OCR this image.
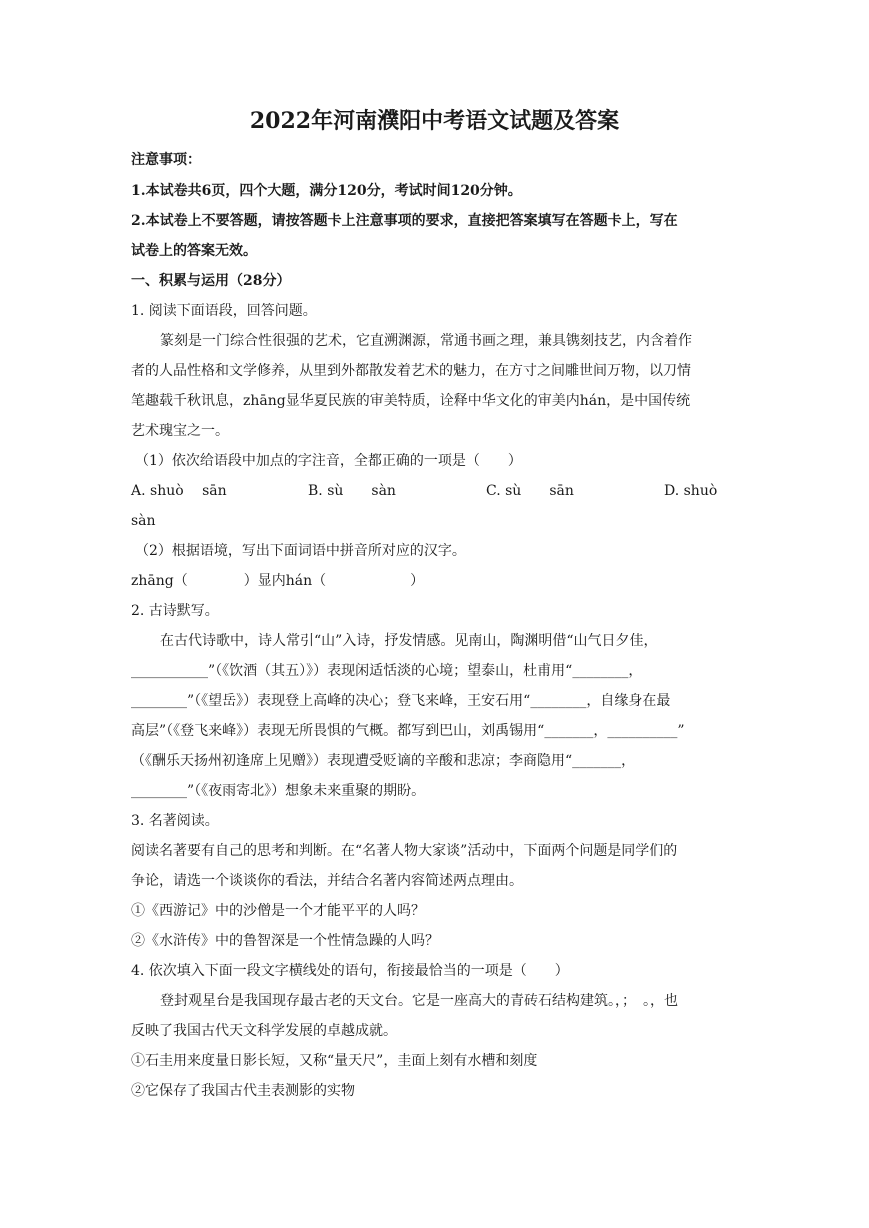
2022年河南濮阳中考语文试题及答案
注意事项：
1.本试卷共6页，四个大题，满分120分，考试时间120分钟。
2.本试卷上不要答题，请按答题卡上注意事项的要求，直接把答案填写在答题卡上，写在
试卷上的答案无效。
一、积累与运用（28分）
1. 阅读下面语段，回答问题。
篆刻是一门综合性很强的艺术，它直溯渊源，常通书画之理，兼具镌刻技艺，内含着作
者的人品性格和文学修养，从里到外都散发着艺术的魅力，在方寸之间雕世间万物，以刀情
笔趣载千秋讯息，zhāng显华夏民族的审美特质，诠释中华文化的审美内hán，是中国传统
艺术瑰宝之一。
（1）依次给语段中加点的字注音，全都正确的一项是（　　）
A. shuò　 sān	B. sù　　sàn	C. sù　　sān	D. shuò
sàn
（2）根据语境，写出下面词语中拼音所对应的汉字。
zhāng（　　　　）显内hán（　　　　　　）
2. 古诗默写。
在古代诗歌中，诗人常引“山”入诗，抒发情感。见南山，陶渊明借“山气日夕佳，
___________”（《饮酒（其五）》）表现闲适恬淡的心境；望泰山，杜甫用“________，
________”（《望岳》）表现登上高峰的决心；登飞来峰，王安石用“________，自缘身在最
高层”（《登飞来峰》）表现无所畏惧的气概。都写到巴山，刘禹锡用“_______，__________”
（《酬乐天扬州初逢席上见赠》）表现遭受贬谪的辛酸和悲凉；李商隐用“_______，
________”（《夜雨寄北》）想象未来重聚的期盼。
3. 名著阅读。
阅读名著要有自己的思考和判断。在“名著人物大家谈”活动中，下面两个问题是同学们的
争论，请选一个谈谈你的看法，并结合名著内容简述两点理由。
①《西游记》中的沙僧是一个才能平平的人吗？
②《水浒传》中的鲁智深是一个性情急躁的人吗？
4. 依次填入下面一段文字横线处的语句，衔接最恰当的一项是（　　）
登封观星台是我国现存最古老的天文台。它是一座高大的青砖石结构建筑。，；　。，也
反映了我国古代天文科学发展的卓越成就。
①石圭用来度量日影长短，又称“量天尺”，圭面上刻有水槽和刻度
②它保存了我国古代圭表测影的实物
